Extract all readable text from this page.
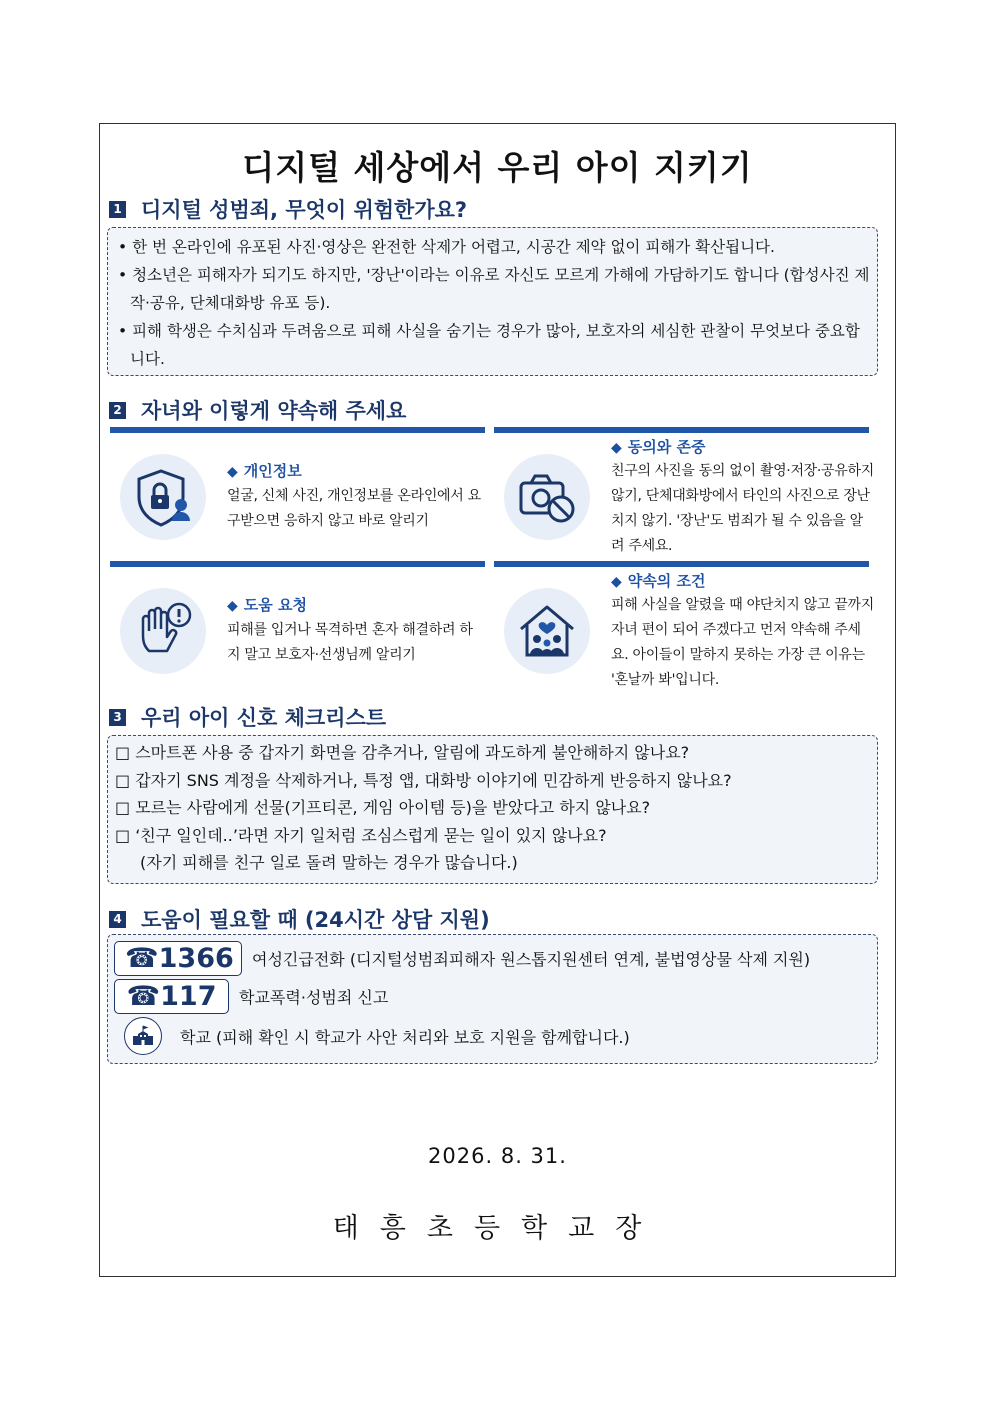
디지털 세상에서 우리 아이 지키기
1 디지털 성범죄, 무엇이 위험한가요?

• 한 번 온라인에 유포된 사진·영상은 완전한 삭제가 어렵고, 시공간 제약 없이 피해가 확산됩니다.

• 청소년은 피해자가 되기도 하지만, '장난'이라는 이유로 자신도 모르게 가해에 가담하기도 합니다 (합성사진 제작·공유, 단체대화방 유포 등).

• 피해 학생은 수치심과 두려움으로 피해 사실을 숨기는 경우가 많아, 보호자의 세심한 관찰이 무엇보다 중요합니다.

2 자녀와 이렇게 약속해 주세요
◆ 개인정보
얼굴, 신체 사진, 개인정보를 온라인에서 요구받으면 응하지 않고 바로 알리기
◆ 동의와 존중
친구의 사진을 동의 없이 촬영·저장·공유하지 않기, 단체대화방에서 타인의 사진으로 장난치지 않기. '장난'도 범죄가 될 수 있음을 알려 주세요.
◆ 도움 요청
피해를 입거나 목격하면 혼자 해결하려 하지 말고 보호자·선생님께 알리기
◆ 약속의 조건
피해 사실을 알렸을 때 야단치지 않고 끝까지 자녀 편이 되어 주겠다고 먼저 약속해 주세요. 아이들이 말하지 못하는 가장 큰 이유는 '혼날까 봐'입니다.
3 우리 아이 신호 체크리스트

□ 스마트폰 사용 중 갑자기 화면을 감추거나, 알림에 과도하게 불안해하지 않나요?

□ 갑자기 SNS 계정을 삭제하거나, 특정 앱, 대화방 이야기에 민감하게 반응하지 않나요?

□ 모르는 사람에게 선물(기프티콘, 게임 아이템 등)을 받았다고 하지 않나요?

□ ‘친구 일인데..’라면 자기 일처럼 조심스럽게 묻는 일이 있지 않나요?

(자기 피해를 친구 일로 돌려 말하는 경우가 많습니다.)

4 도움이 필요할 때 (24시간 상담 지원)
☎1366	여성긴급전화 (디지털성범죄피해자 원스톱지원센터 연계, 불법영상물 삭제 지원)
☎117	학교폭력·성범죄 신고
학교 (피해 확인 시 학교가 사안 처리와 보호 지원을 함께합니다.)
2026. 8. 31.
태흥초등학교장
